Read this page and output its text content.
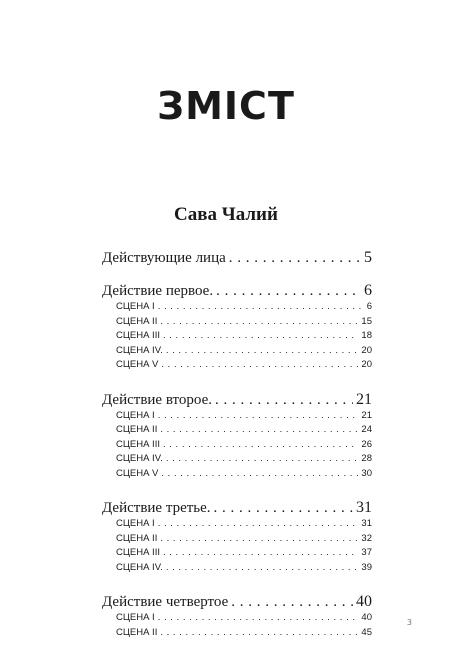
ЗМІСТ
Сава Чалий
Действующие лица . . .	5
Действие первое. . . .	6
СЦЕНА I . . .	6
СЦЕНА II . . .	15
СЦЕНА III . . .	18
СЦЕНА IV. . . .	20
СЦЕНА V . . .	20
Действие второе. . . .	21
СЦЕНА I . . .	21
СЦЕНА II . . .	24
СЦЕНА III . . .	26
СЦЕНА IV. . . .	28
СЦЕНА V . . .	30
Действие третье. . . .	31
СЦЕНА I . . .	31
СЦЕНА II . . .	32
СЦЕНА III . . .	37
СЦЕНА IV. . . .	39
Действие четвертое . . .	40
СЦЕНА I . . .	40
СЦЕНА II . . .	45
3
